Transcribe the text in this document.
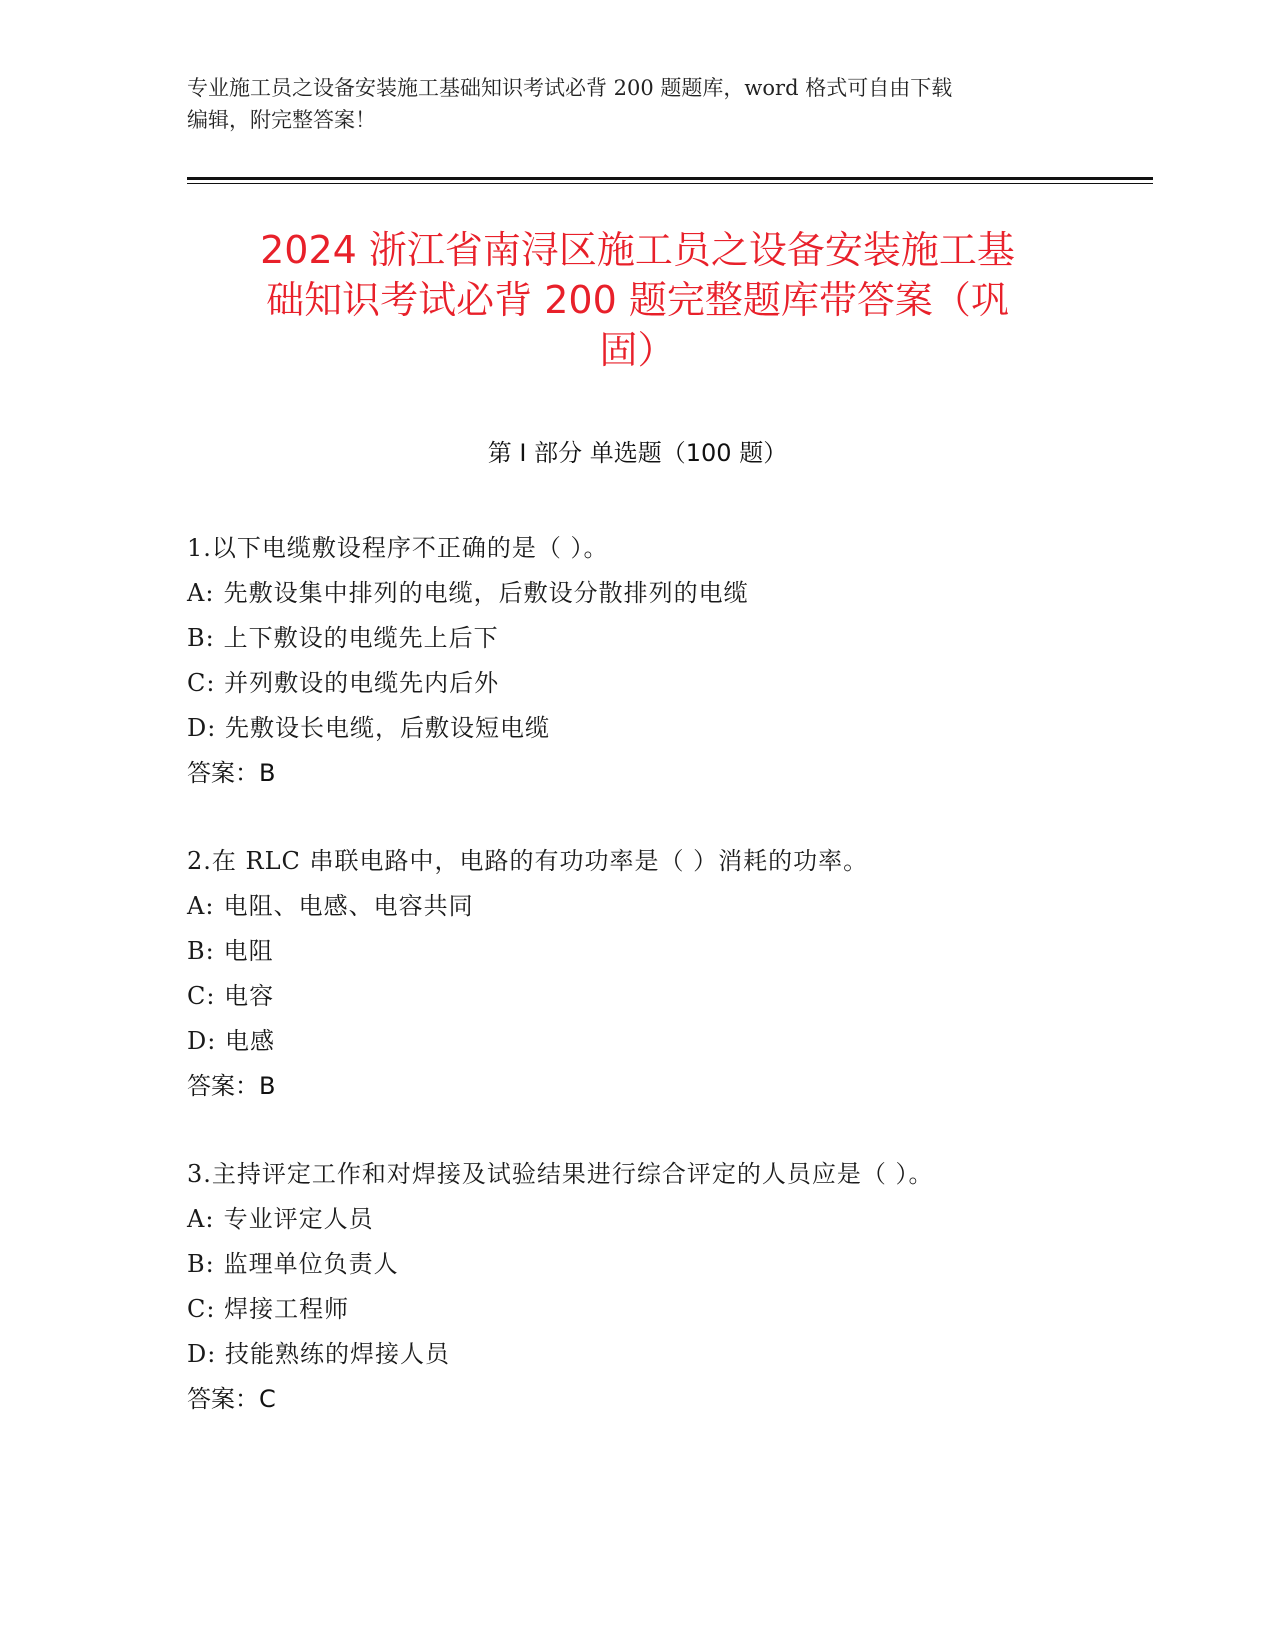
专业施工员之设备安装施工基础知识考试必背 200 题题库，word 格式可自由下载
编辑，附完整答案！
2024 浙江省南浔区施工员之设备安装施工基
础知识考试必背 200 题完整题库带答案（巩
固）
第 I 部分 单选题（100 题）
1.以下电缆敷设程序不正确的是（ ）。
A: 先敷设集中排列的电缆，后敷设分散排列的电缆
B: 上下敷设的电缆先上后下
C: 并列敷设的电缆先内后外
D: 先敷设长电缆，后敷设短电缆
答案：B
2.在 RLC 串联电路中，电路的有功功率是（ ）消耗的功率。
A: 电阻、电感、电容共同
B: 电阻
C: 电容
D: 电感
答案：B
3.主持评定工作和对焊接及试验结果进行综合评定的人员应是（ ）。
A: 专业评定人员
B: 监理单位负责人
C: 焊接工程师
D: 技能熟练的焊接人员
答案：C
